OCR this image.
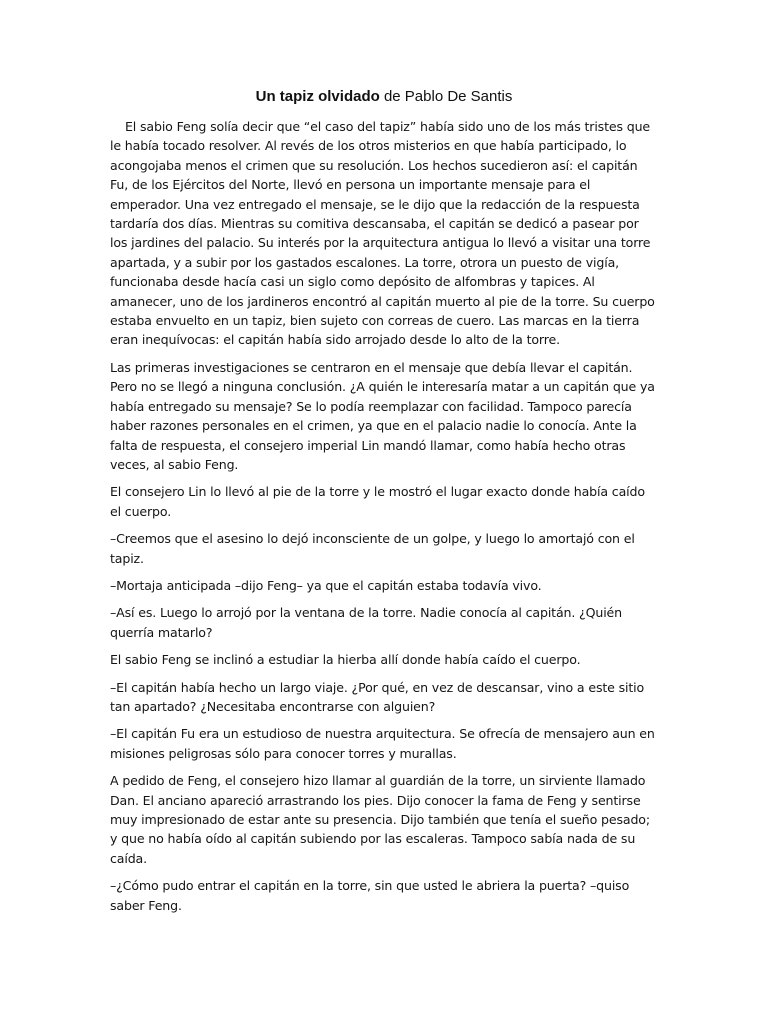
Un tapiz olvidado de Pablo De Santis

El sabio Feng solía decir que “el caso del tapiz” había sido uno de los más tristes que le había tocado resolver. Al revés de los otros misterios en que había participado, lo acongojaba menos el crimen que su resolución. Los hechos sucedieron así: el capitán Fu, de los Ejércitos del Norte, llevó en persona un importante mensaje para el emperador. Una vez entregado el mensaje, se le dijo que la redacción de la respuesta tardaría dos días. Mientras su comitiva descansaba, el capitán se dedicó a pasear por los jardines del palacio. Su interés por la arquitectura antigua lo llevó a visitar una torre apartada, y a subir por los gastados escalones. La torre, otrora un puesto de vigía, funcionaba desde hacía casi un siglo como depósito de alfombras y tapices. Al amanecer, uno de los jardineros encontró al capitán muerto al pie de la torre. Su cuerpo estaba envuelto en un tapiz, bien sujeto con correas de cuero. Las marcas en la tierra eran inequívocas: el capitán había sido arrojado desde lo alto de la torre.

Las primeras investigaciones se centraron en el mensaje que debía llevar el capitán. Pero no se llegó a ninguna conclusión. ¿A quién le interesaría matar a un capitán que ya había entregado su mensaje? Se lo podía reemplazar con facilidad. Tampoco parecía haber razones personales en el crimen, ya que en el palacio nadie lo conocía. Ante la falta de respuesta, el consejero imperial Lin mandó llamar, como había hecho otras veces, al sabio Feng.

El consejero Lin lo llevó al pie de la torre y le mostró el lugar exacto donde había caído el cuerpo.

–Creemos que el asesino lo dejó inconsciente de un golpe, y luego lo amortajó con el tapiz.

–Mortaja anticipada –dijo Feng– ya que el capitán estaba todavía vivo.

–Así es. Luego lo arrojó por la ventana de la torre. Nadie conocía al capitán. ¿Quién querría matarlo?

El sabio Feng se inclinó a estudiar la hierba allí donde había caído el cuerpo.

–El capitán había hecho un largo viaje. ¿Por qué, en vez de descansar, vino a este sitio tan apartado? ¿Necesitaba encontrarse con alguien?

–El capitán Fu era un estudioso de nuestra arquitectura. Se ofrecía de mensajero aun en misiones peligrosas sólo para conocer torres y murallas.

A pedido de Feng, el consejero hizo llamar al guardián de la torre, un sirviente llamado Dan. El anciano apareció arrastrando los pies. Dijo conocer la fama de Feng y sentirse muy impresionado de estar ante su presencia. Dijo también que tenía el sueño pesado; y que no había oído al capitán subiendo por las escaleras. Tampoco sabía nada de su caída.

–¿Cómo pudo entrar el capitán en la torre, sin que usted le abriera la puerta? –quiso saber Feng.
